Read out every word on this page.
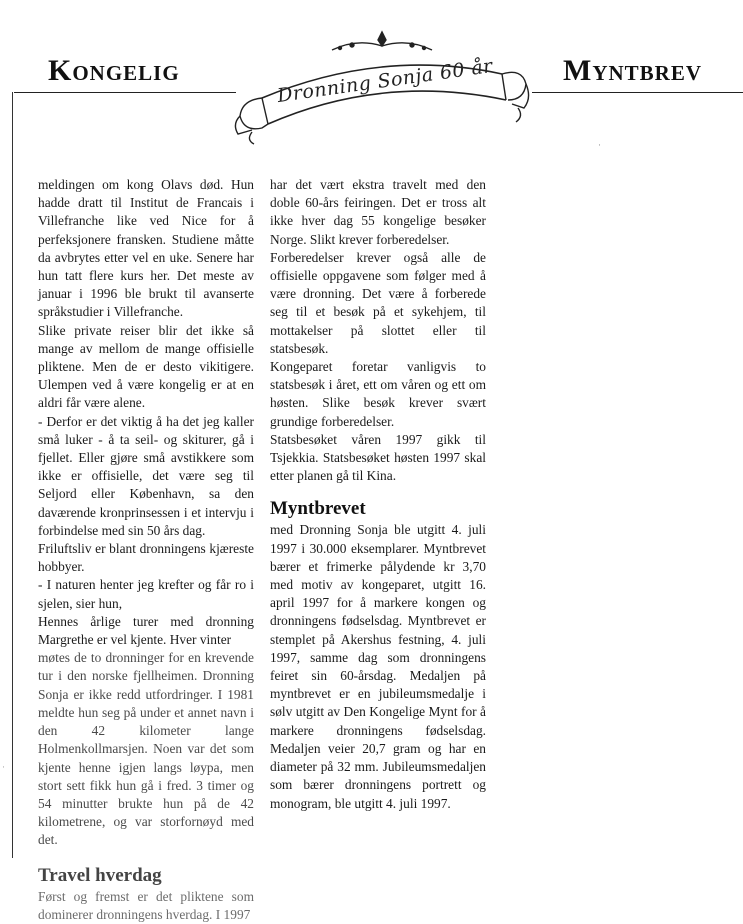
Kongelig	Dronning Sonja 60 år	Myntbrev
·
·

meldingen om kong Olavs død. Hun hadde dratt til Institut de Francais i Villefranche like ved Nice for å perfeksjonere fransken. Studiene måtte da avbrytes etter vel en uke. Senere har hun tatt flere kurs her. Det meste av januar i 1996 ble brukt til avanserte språkstudier i Villefranche.

Slike private reiser blir det ikke så mange av mellom de mange offisielle pliktene. Men de er desto vikitigere. Ulempen ved å være kongelig er at en aldri får være alene.

- Derfor er det viktig å ha det jeg kaller små luker - å ta seil- og skiturer, gå i fjellet. Eller gjøre små avstikkere som ikke er offisielle, det være seg til Seljord eller København, sa den daværende kronprinsessen i et intervju i forbindelse med sin 50 års dag.

Friluftsliv er blant dronningens kjæreste hobbyer.

- I naturen henter jeg krefter og får ro i sjelen, sier hun,

Hennes årlige turer med dronning Margrethe er vel kjente. Hver vinter

møtes de to dronninger for en krevende tur i den norske fjellheimen. Dronning Sonja er ikke redd utfordringer. I 1981 meldte hun seg på under et annet navn i den 42 kilometer lange Holmenkollmarsjen. Noen var det som kjente henne igjen langs løypa, men stort sett fikk hun gå i fred. 3 timer og 54 minutter brukte hun på de 42 kilometrene, og var storfornøyd med det.

Travel hverdag

Først og fremst er det pliktene som dominerer dronningens hverdag. I 1997

har det vært ekstra travelt med den doble 60-års feiringen. Det er tross alt ikke hver dag 55 kongelige besøker Norge. Slikt krever forberedelser.

Forberedelser krever også alle de offisielle oppgavene som følger med å være dronning. Det være å forberede seg til et besøk på et sykehjem, til mottakelser på slottet eller til statsbesøk.

Kongeparet foretar vanligvis to statsbesøk i året, ett om våren og ett om høsten. Slike besøk krever svært grundige forberedelser.

Statsbesøket våren 1997 gikk til Tsjekkia. Statsbesøket høsten 1997 skal etter planen gå til Kina.

Myntbrevet

med Dronning Sonja ble utgitt 4. juli 1997 i 30.000 eksemplarer. Myntbrevet bærer et frimerke pålydende kr 3,70 med motiv av kongeparet, utgitt 16. april 1997 for å markere kongen og dronningens fødselsdag. Myntbrevet er stemplet på Akershus festning, 4. juli 1997, samme dag som dronningens feiret sin 60-årsdag. Medaljen på myntbrevet er en jubileumsmedalje i sølv utgitt av Den Kongelige Mynt for å markere dronningens fødselsdag. Medaljen veier 20,7 gram og har en diameter på 32 mm. Jubileumsmedaljen som bærer dronningens portrett og monogram, ble utgitt 4. juli 1997.
